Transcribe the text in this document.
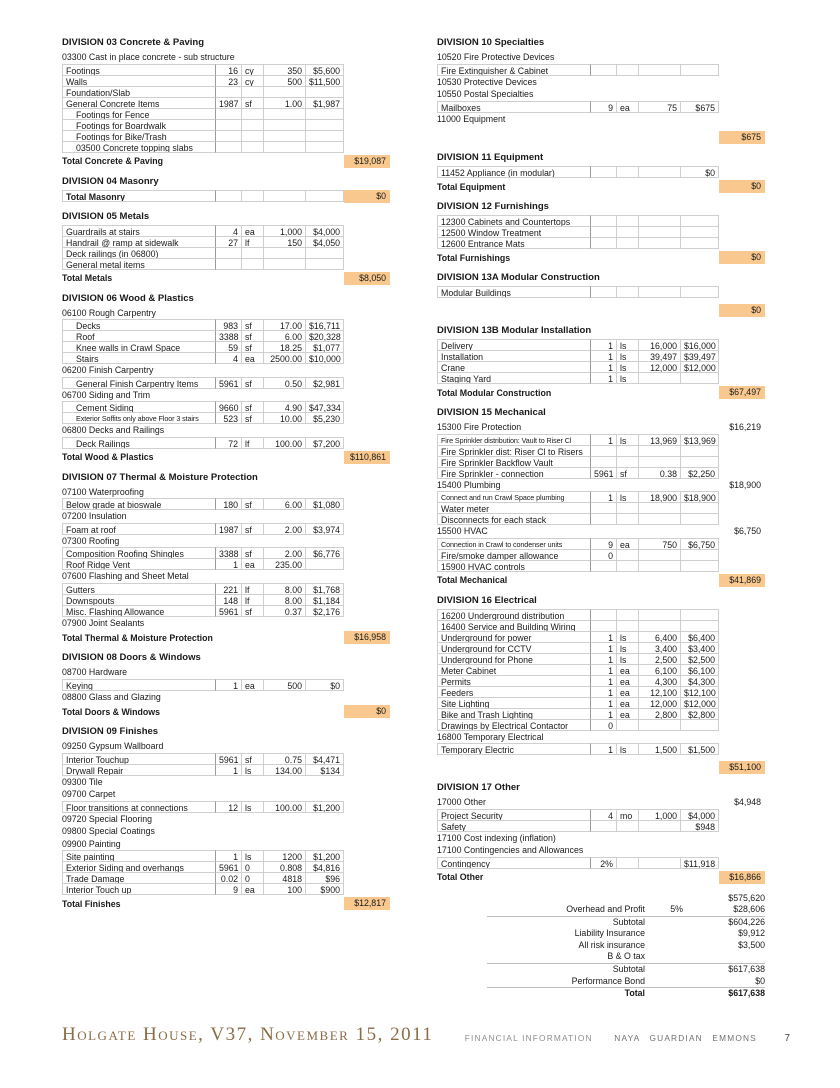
DIVISION 03 Concrete & Paving
03300 Cast in place concrete - sub structure
Footings	16 cy	350	$5,600
Walls	23 cy	500 $11,500
Foundation/Slab
General Concrete Items	1987 sf	1.00	$1,987
Footings for Fence
Footings for Boardwalk
Footings for Bike/Trash
03500 Concrete topping slabs
Total Concrete & Paving	$19,087
DIVISION 04 Masonry
Total Masonry	$0
DIVISION 05 Metals
Guardrails at stairs	4 ea	1,000	$4,000
Handrail @ ramp at sidewalk	27 lf	150	$4,050
Deck railings (in 06800)
General metal items
Total Metals	$8,050
DIVISION 06 Wood & Plastics
06100 Rough Carpentry
Decks	983 sf	17.00 $16,711
Roof	3388 sf	6.00 $20,328
Knee walls in Crawl Space	59 sf	18.25	$1,077
Stairs	4 ea	2500.00 $10,000
06200 Finish Carpentry
General Finish Carpentry Items	5961 sf	0.50	$2,981
06700 Siding and Trim
Cement Siding	9660 sf	4.90 $47,334
Exterior Soffits only above Floor 3 stairs	523 sf	10.00	$5,230
06800 Decks and Railings
Deck Railings	72 lf	100.00	$7,200
Total Wood & Plastics	$110,861
DIVISION 07 Thermal & Moisture Protection
07100 Waterproofing
Below grade at bioswale	180 sf	6.00	$1,080
07200 Insulation
Foam at roof	1987 sf	2.00	$3,974
07300 Roofing
Composition Roofing Shingles	3388 sf	2.00	$6,776
Roof Ridge Vent	1 ea	235.00
07600 Flashing and Sheet Metal
Gutters	221 lf	8.00	$1,768
Downspouts	148 lf	8.00	$1,184
Misc. Flashing Allowance	5961 sf	0.37	$2,176
07900 Joint Sealants
Total Thermal & Moisture Protection	$16,958
DIVISION 08 Doors & Windows
08700 Hardware
Keying	1 ea	500	$0
08800 Glass and Glazing
Total Doors & Windows	$0
DIVISION 09 Finishes
09250 Gypsum Wallboard
Interior Touchup	5961 sf	0.75	$4,471
Drywall Repair	1 ls	134.00	$134
09300 Tile
09700 Carpet
Floor transitions at connections	12 ls	100.00	$1,200
09720 Special Flooring
09800 Special Coatings
09900 Painting
Site painting	1 ls	1200	$1,200
Exterior Siding and overhangs	5961 0	0.808	$4,816
Trade Damage	0.02 0	4818	$96
Interior Touch up	9 ea	100	$900
Total Finishes	$12,817
DIVISION 10 Specialties
10520 Fire Protective Devices
Fire Extinguisher & Cabinet
10530 Protective Devices
10550 Postal Specialties
Mailboxes	9 ea	75	$675
11000 Equipment
$675
DIVISION 11 Equipment
11452 Appliance (in modular)	$0
Total Equipment	$0
DIVISION 12 Furnishings
12300 Cabinets and Countertops
12500 Window Treatment
12600 Entrance Mats
Total Furnishings	$0
DIVISION 13A Modular Construction
Modular Buildings
$0
DIVISION 13B Modular Installation
Delivery	1 ls	16,000 $16,000
Installation	1 ls	39,497 $39,497
Crane	1 ls	12,000 $12,000
Staging Yard	1 ls
Total Modular Construction	$67,497
DIVISION 15 Mechanical
15300 Fire Protection	$16,219
Fire Sprinkler distribution: Vault to Riser Cl	1 ls	13,969 $13,969
Fire Sprinkler dist: Riser Cl to Risers
Fire Sprinkler Backflow Vault
Fire Sprinkler - connection	5961 sf	0.38	$2,250
15400 Plumbing	$18,900
Connect and run Crawl Space plumbing	1 ls	18,900 $18,900
Water meter
Disconnects for each stack
15500 HVAC	$6,750
Connection in Crawl to condenser units	9 ea	750	$6,750
Fire/smoke damper allowance	0
15900 HVAC controls
Total Mechanical	$41,869
DIVISION 16 Electrical
16200 Underground distribution
16400 Service and Building Wiring
Underground for power	1 ls	6,400	$6,400
Underground for CCTV	1 ls	3,400	$3,400
Underground for Phone	1 ls	2,500	$2,500
Meter Cabinet	1 ea	6,100	$6,100
Permits	1 ea	4,300	$4,300
Feeders	1 ea	12,100 $12,100
Site Lighting	1 ea	12,000 $12,000
Bike and Trash Lighting	1 ea	2,800	$2,800
Drawings by Electrical Contactor	0
16800 Temporary Electrical
Temporary Electric	1 ls	1,500	$1,500
$51,100
DIVISION 17 Other
17000 Other	$4,948
Project Security	4 mo	1,000	$4,000
Safety	$948
17100 Cost indexing (inflation)
17100 Contingencies and Allowances
Contingency	2%	$11,918
Total Other	$16,866
$575,620
Overhead and Profit	5%	$28,606
Subtotal	$604,226
Liability Insurance	$9,912
All risk insurance	$3,500
B & O tax
Subtotal	$617,638
Performance Bond	$0
Total	$617,638
Holgate House, V37, November 15, 2011	FINANCIAL INFORMATION	NAYA GUARDIAN EMMONS	7
